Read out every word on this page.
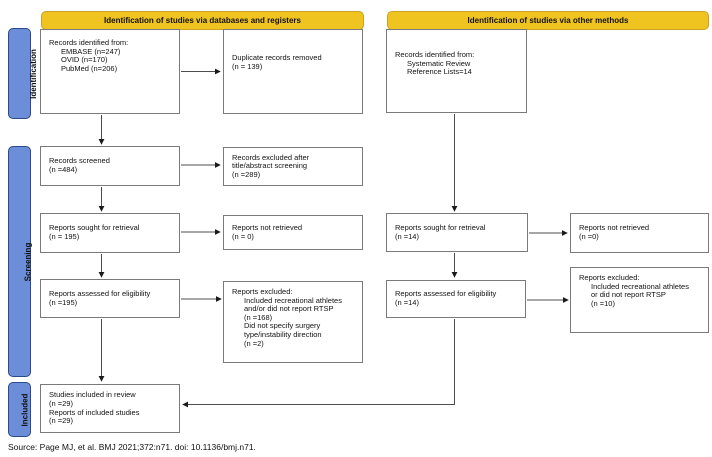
Identification of studies via databases and registers	Identification of studies via other methods
Identification
Screening
Included
Records identified from:
EMBASE (n=247)
OVID (n=170)
PubMed (n=206)
Duplicate records removed
(n = 139)
Records screened
(n =484)
Records excluded after
title/abstract screening
(n =289)
Reports sought for retrieval
(n = 195)
Reports not retrieved
(n = 0)
Reports assessed for eligibility
(n =195)
Reports excluded:
Included recreational athletes
and/or did not report RTSP
(n =168)
Did not specify surgery
type/instability direction
(n =2)
Studies included in review
(n =29)
Reports of included studies
(n =29)
Records identified from:
Systematic Review
Reference Lists=14
Reports sought for retrieval
(n =14)
Reports not retrieved
(n =0)
Reports assessed for eligibility
(n =14)
Reports excluded:
Included recreational athletes
or did not report RTSP
(n =10)
Source: Page MJ, et al. BMJ 2021;372:n71. doi: 10.1136/bmj.n71.
